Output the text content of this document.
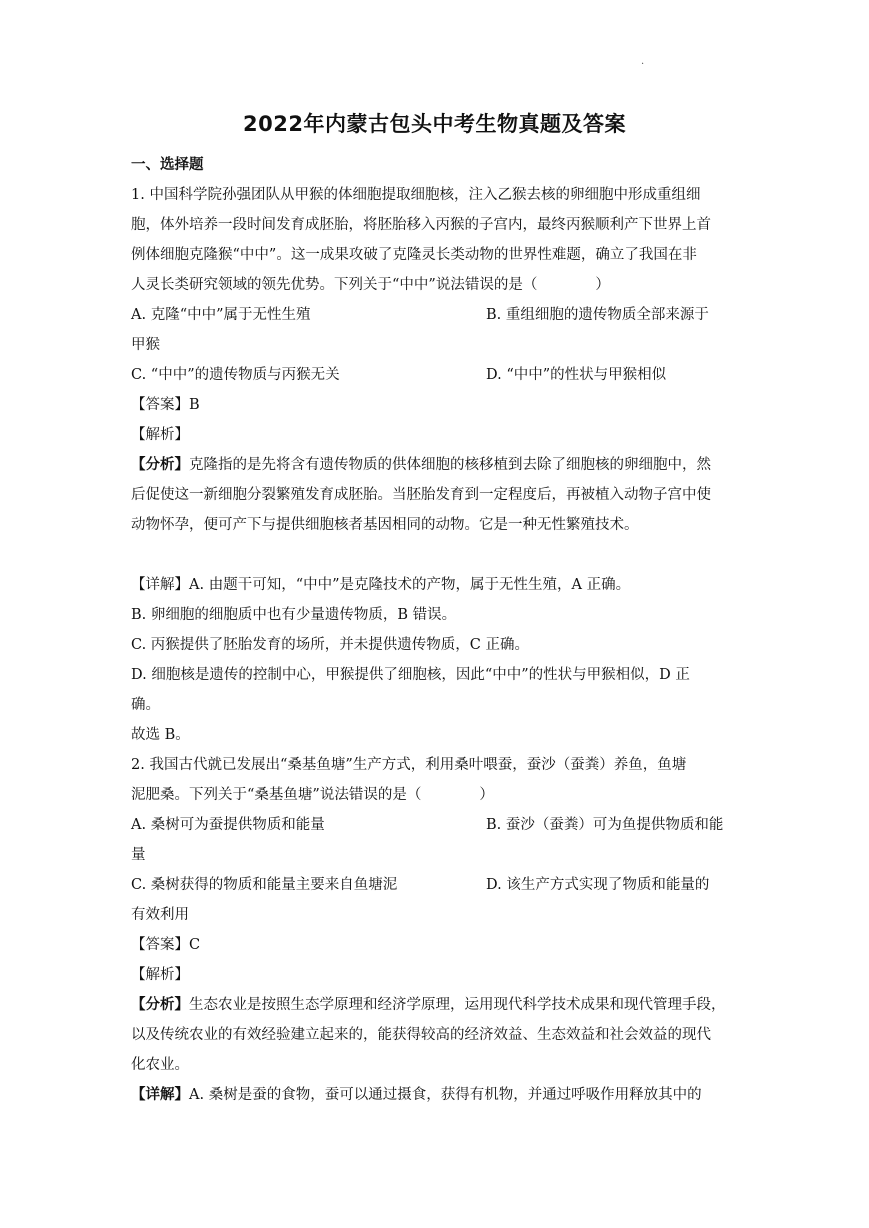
.
2022年内蒙古包头中考生物真题及答案

一、选择题

1. 中国科学院孙强团队从甲猴的体细胞提取细胞核，注入乙猴去核的卵细胞中形成重组细

胞，体外培养一段时间发育成胚胎，将胚胎移入丙猴的子宫内，最终丙猴顺利产下世界上首

例体细胞克隆猴“中中”。这一成果攻破了克隆灵长类动物的世界性难题，确立了我国在非

人灵长类研究领域的领先优势。下列关于“中中”说法错误的是（　　　　）

A. 克隆“中中”属于无性生殖	B. 重组细胞的遗传物质全部来源于

甲猴

C. “中中”的遗传物质与丙猴无关	D. “中中”的性状与甲猴相似

【答案】B

【解析】

【分析】克隆指的是先将含有遗传物质的供体细胞的核移植到去除了细胞核的卵细胞中，然

后促使这一新细胞分裂繁殖发育成胚胎。当胚胎发育到一定程度后，再被植入动物子宫中使

动物怀孕，便可产下与提供细胞核者基因相同的动物。它是一种无性繁殖技术。

【详解】A. 由题干可知，“中中”是克隆技术的产物，属于无性生殖，A 正确。

B. 卵细胞的细胞质中也有少量遗传物质，B 错误。

C. 丙猴提供了胚胎发育的场所，并未提供遗传物质，C 正确。

D. 细胞核是遗传的控制中心，甲猴提供了细胞核，因此“中中”的性状与甲猴相似，D 正

确。

故选 B。

2. 我国古代就已发展出“桑基鱼塘”生产方式，利用桑叶喂蚕，蚕沙（蚕粪）养鱼，鱼塘

泥肥桑。下列关于“桑基鱼塘”说法错误的是（　　　　）

A. 桑树可为蚕提供物质和能量	B. 蚕沙（蚕粪）可为鱼提供物质和能

量

C. 桑树获得的物质和能量主要来自鱼塘泥	D. 该生产方式实现了物质和能量的

有效利用

【答案】C

【解析】

【分析】生态农业是按照生态学原理和经济学原理，运用现代科学技术成果和现代管理手段，

以及传统农业的有效经验建立起来的，能获得较高的经济效益、生态效益和社会效益的现代

化农业。

【详解】A. 桑树是蚕的食物，蚕可以通过摄食，获得有机物，并通过呼吸作用释放其中的
